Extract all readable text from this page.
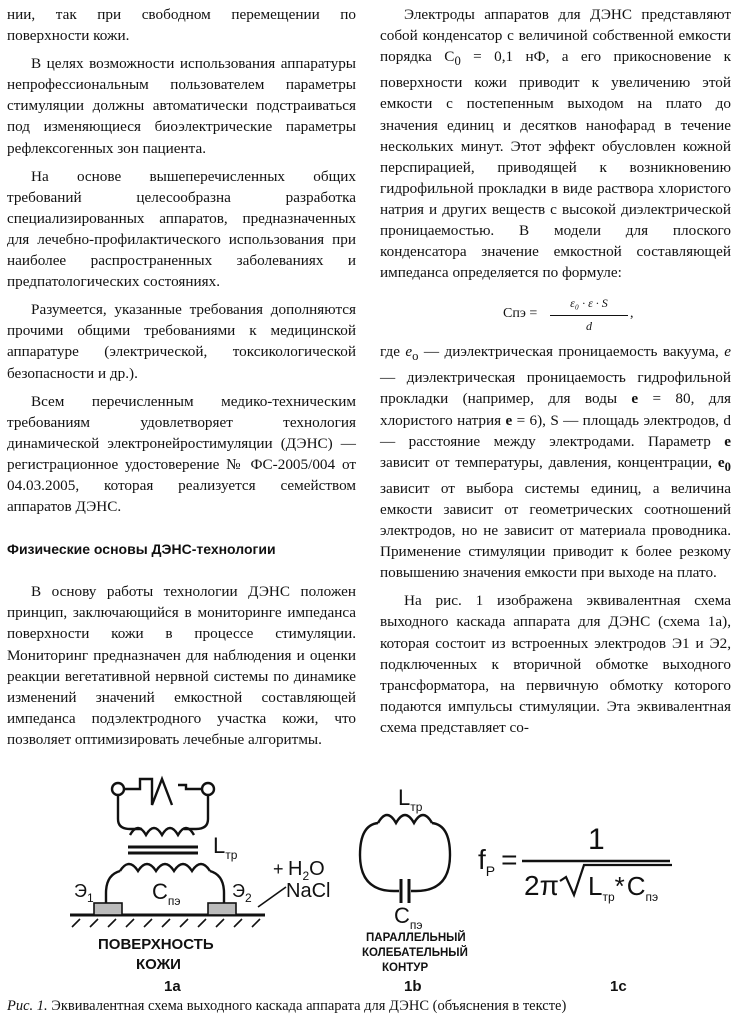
нии, так при свободном перемещении по поверхности кожи.

В целях возможности использования аппаратуры непрофессиональным пользователем параметры стимуляции должны автоматически подстраиваться под изменяющиеся биоэлектрические параметры рефлексогенных зон пациента.

На основе вышеперечисленных общих требований целесообразна разработка специализированных аппаратов, предназначенных для лечебно-профилактического использования при наиболее распространенных заболеваниях и предпатологических состояниях.

Разумеется, указанные требования дополняются прочими общими требованиями к медицинской аппаратуре (электрической, токсикологической безопасности и др.).

Всем перечисленным медико-техническим требованиям удовлетворяет технология динамической электронейростимуляции (ДЭНС) — регистрационное удостоверение № ФС-2005/004 от 04.03.2005, которая реализуется семейством аппаратов ДЭНС.

Физические основы ДЭНС-технологии

В основу работы технологии ДЭНС положен принцип, заключающийся в мониторинге импеданса поверхности кожи в процессе стимуляции. Мониторинг предназначен для наблюдения и оценки реакции вегетативной нервной системы по динамике изменений значений емкостной составляющей импеданса подэлектродного участка кожи, что позволяет оптимизировать лечебные алгоритмы.

Электроды аппаратов для ДЭНС представляют собой конденсатор с величиной собственной емкости порядка $C_0 = 0,1$ нФ, а его прикосновение к поверхности кожи приводит к увеличению этой емкости с постепенным выходом на плато до значения единиц и десятков нанофарад в течение нескольких минут. Этот эффект обусловлен кожной перспирацией, приводящей к возникновению гидрофильной прокладки в виде раствора хлористого натрия и других веществ с высокой диэлектрической проницаемостью. В модели для плоского конденсатора значение емкостной составляющей импеданса определяется по формуле:

Спэ = $\frac{\text{ε₀ · ε · S}}{d}$ ,

где $e_o$ — диэлектрическая проницаемость вакуума, e — диэлектрическая проницаемость гидрофильной прокладки (например, для воды e = 80, для хлористого натрия e = 6), S — площадь электродов, d — расстояние между электродами. Параметр e зависит от температуры, давления, концентрации, $e_0$ зависит от выбора системы единиц, а величина емкости зависит от геометрических соотношений электродов, но не зависит от материала проводника. Применение стимуляции приводит к более резкому повышению значения емкости при выходе на плато.

На рис. 1 изображена эквивалентная схема выходного каскада аппарата для ДЭНС (схема 1а), которая состоит из встроенных электродов Э1 и Э2, подключенных к вторичной обмотке выходного трансформатора, на первичную обмотку которого подаются импульсы стимуляции. Эта эквивалентная схема представляет со-

$L_{тр}$
$Э_1$	$C_{пэ}$	$Э_2$
+ $H_2O$
NaCl
ПОВЕРХНОСТЬ
КОЖИ
1a
$L_{тр}$
$C_{пэ}$
ПАРАЛЛЕЛЬНЫЙ
КОЛЕБАТЕЛЬНЫЙ
КОНТУР
1b
$f_P$ =
1
2π $L_{тр}*C_{пэ}$
1c
Рис. 1. Эквивалентная схема выходного каскада аппарата для ДЭНС (объяснения в тексте)
